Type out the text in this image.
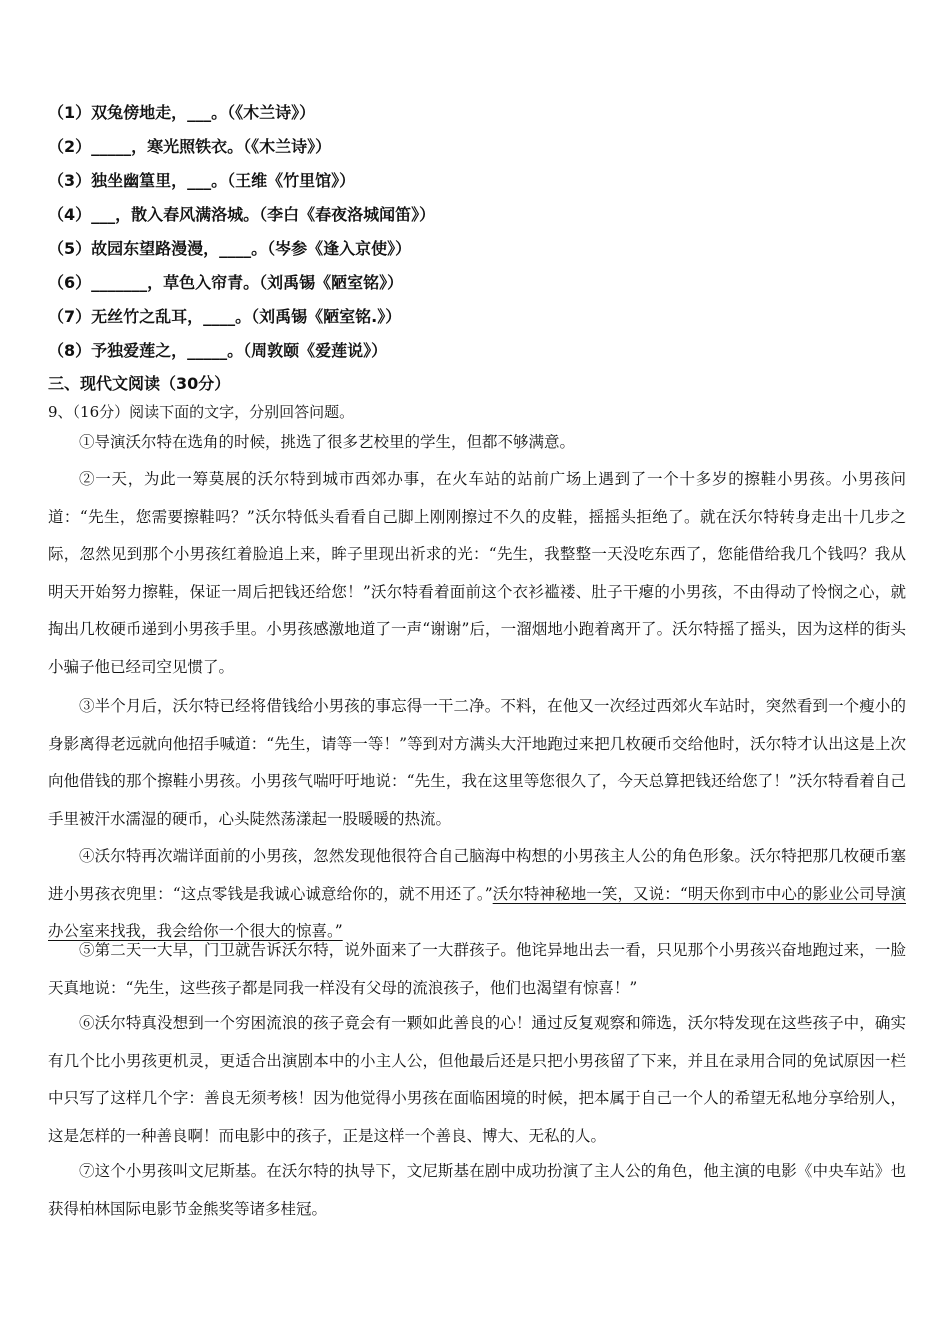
（1）双兔傍地走，___。（《木兰诗》）
（2）_____，寒光照铁衣。（《木兰诗》）
（3）独坐幽篁里，___。（王维《竹里馆》）
（4）___，散入春风满洛城。（李白《春夜洛城闻笛》）
（5）故园东望路漫漫，____。（岑参《逢入京使》）
（6）_______，草色入帘青。（刘禹锡《陋室铭》）
（7）无丝竹之乱耳，____。（刘禹锡《陋室铭.》）
（8）予独爱莲之，_____。（周敦颐《爱莲说》）
三、现代文阅读（30分）
9、（16分）阅读下面的文字，分别回答问题。

①导演沃尔特在选角的时候，挑选了很多艺校里的学生，但都不够满意。

②一天，为此一筹莫展的沃尔特到城市西郊办事，在火车站的站前广场上遇到了一个十多岁的擦鞋小男孩。小男孩问道：“先生，您需要擦鞋吗？”沃尔特低头看看自己脚上刚刚擦过不久的皮鞋，摇摇头拒绝了。就在沃尔特转身走出十几步之际，忽然见到那个小男孩红着脸追上来，眸子里现出祈求的光：“先生，我整整一天没吃东西了，您能借给我几个钱吗？我从明天开始努力擦鞋，保证一周后把钱还给您！”沃尔特看着面前这个衣衫褴褛、肚子干瘪的小男孩，不由得动了怜悯之心，就掏出几枚硬币递到小男孩手里。小男孩感激地道了一声“谢谢”后，一溜烟地小跑着离开了。沃尔特摇了摇头，因为这样的街头小骗子他已经司空见惯了。

③半个月后，沃尔特已经将借钱给小男孩的事忘得一干二净。不料，在他又一次经过西郊火车站时，突然看到一个瘦小的身影离得老远就向他招手喊道：“先生，请等一等！”等到对方满头大汗地跑过来把几枚硬币交给他时，沃尔特才认出这是上次向他借钱的那个擦鞋小男孩。小男孩气喘吁吁地说：“先生，我在这里等您很久了，今天总算把钱还给您了！”沃尔特看着自己手里被汗水濡湿的硬币，心头陡然荡漾起一股暖暖的热流。

④沃尔特再次端详面前的小男孩，忽然发现他很符合自己脑海中构想的小男孩主人公的角色形象。沃尔特把那几枚硬币塞进小男孩衣兜里：“这点零钱是我诚心诚意给你的，就不用还了。”沃尔特神秘地一笑，又说：“明天你到市中心的影业公司导演办公室来找我，我会给你一个很大的惊喜。”

⑤第二天一大早，门卫就告诉沃尔特，说外面来了一大群孩子。他诧异地出去一看，只见那个小男孩兴奋地跑过来，一脸天真地说：“先生，这些孩子都是同我一样没有父母的流浪孩子，他们也渴望有惊喜！”

⑥沃尔特真没想到一个穷困流浪的孩子竟会有一颗如此善良的心！通过反复观察和筛选，沃尔特发现在这些孩子中，确实有几个比小男孩更机灵，更适合出演剧本中的小主人公，但他最后还是只把小男孩留了下来，并且在录用合同的免试原因一栏中只写了这样几个字：善良无须考核！因为他觉得小男孩在面临困境的时候，把本属于自己一个人的希望无私地分享给别人，这是怎样的一种善良啊！而电影中的孩子，正是这样一个善良、博大、无私的人。

⑦这个小男孩叫文尼斯基。在沃尔特的执导下，文尼斯基在剧中成功扮演了主人公的角色，他主演的电影《中央车站》也获得柏林国际电影节金熊奖等诸多桂冠。
